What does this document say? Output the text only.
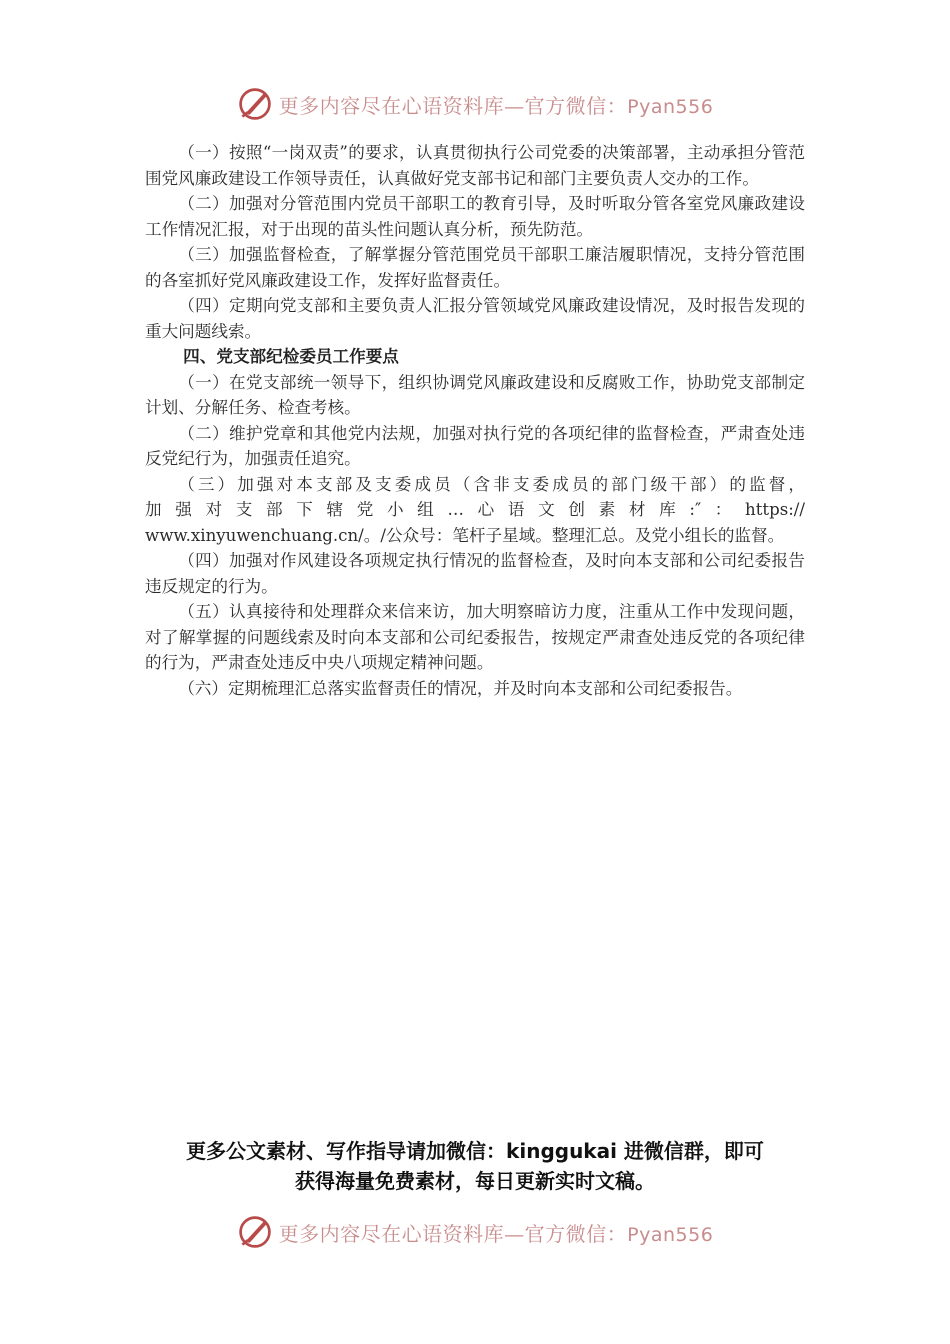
更多内容尽在心语资料库—官方微信：Pyan556

（一）按照“一岗双责”的要求，认真贯彻执行公司党委的决策部署，主动承担分管范围党风廉政建设工作领导责任，认真做好党支部书记和部门主要负责人交办的工作。

（二）加强对分管范围内党员干部职工的教育引导，及时听取分管各室党风廉政建设工作情况汇报，对于出现的苗头性问题认真分析，预先防范。

（三）加强监督检查，了解掌握分管范围党员干部职工廉洁履职情况，支持分管范围的各室抓好党风廉政建设工作，发挥好监督责任。

（四）定期向党支部和主要负责人汇报分管领域党风廉政建设情况，及时报告发现的重大问题线索。

四、党支部纪检委员工作要点

（一）在党支部统一领导下，组织协调党风廉政建设和反腐败工作，协助党支部制定计划、分解任务、检查考核。

（二）维护党章和其他党内法规，加强对执行党的各项纪律的监督检查，严肃查处违反党纪行为，加强责任追究。

（三）加强对本支部及支委成员（含非支委成员的部门级干部）的监督，

加强对支部下辖党小组…心语文创素材库:″：https://

www.xinyuwenchuang.cn/。/公众号：笔杆子星域。整理汇总。及党小组长的监督。

（四）加强对作风建设各项规定执行情况的监督检查，及时向本支部和公司纪委报告违反规定的行为。

（五）认真接待和处理群众来信来访，加大明察暗访力度，注重从工作中发现问题，对了解掌握的问题线索及时向本支部和公司纪委报告，按规定严肃查处违反党的各项纪律的行为，严肃查处违反中央八项规定精神问题。

（六）定期梳理汇总落实监督责任的情况，并及时向本支部和公司纪委报告。

更多公文素材、写作指导请加微信：kinggukai 进微信群，即可
获得海量免费素材，每日更新实时文稿。
更多内容尽在心语资料库—官方微信：Pyan556
